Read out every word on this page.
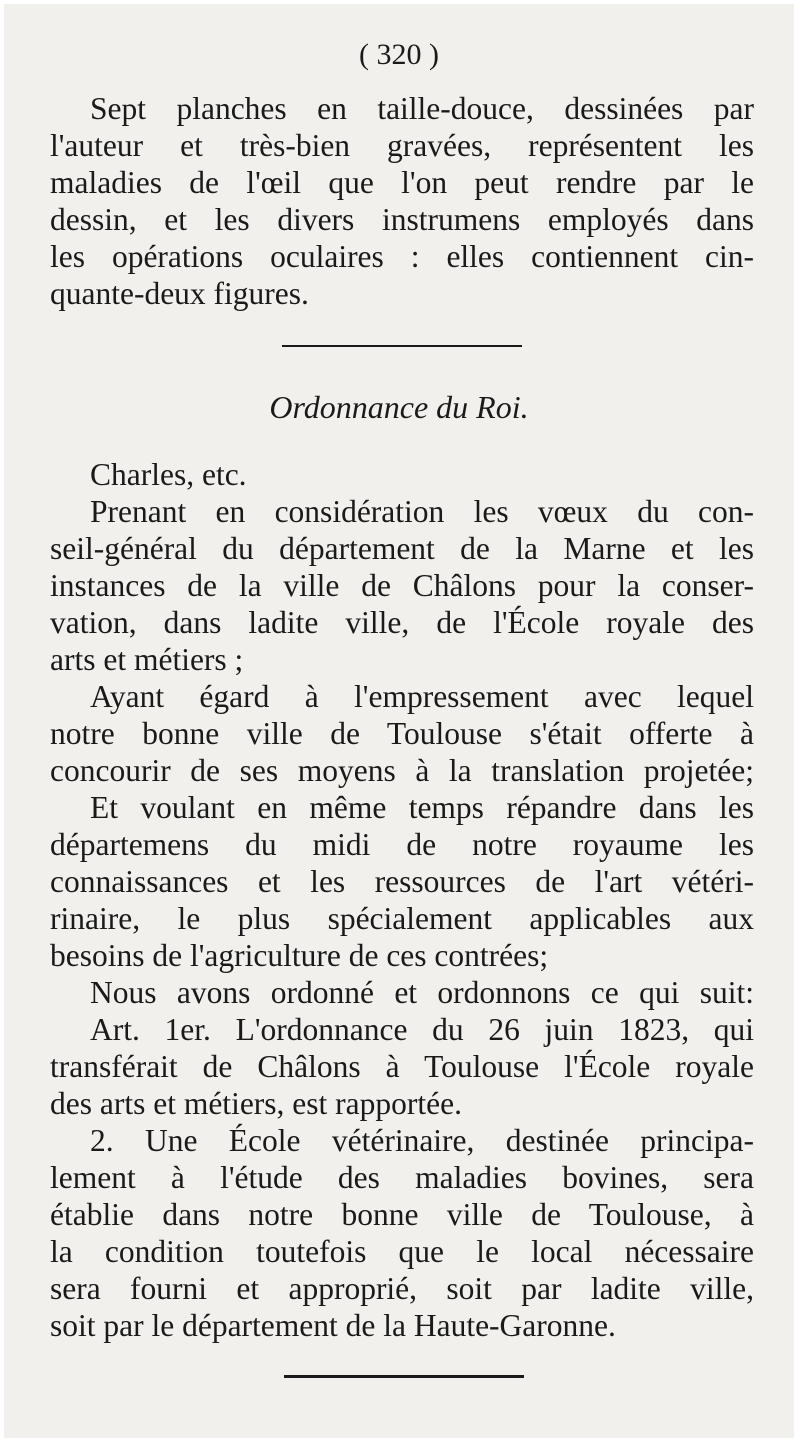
( 320 )
Sept planches en taille-douce, dessinées par
l'auteur et très-bien gravées, représentent les
maladies de l'œil que l'on peut rendre par le
dessin, et les divers instrumens employés dans
les opérations oculaires : elles contiennent cin-
quante-deux figures.
Ordonnance du Roi.
Charles, etc.
Prenant en considération les vœux du con-
seil-général du département de la Marne et les
instances de la ville de Châlons pour la conser-
vation, dans ladite ville, de l'École royale des
arts et métiers ;
Ayant égard à l'empressement avec lequel
notre bonne ville de Toulouse s'était offerte à
concourir de ses moyens à la translation projetée;
Et voulant en même temps répandre dans les
départemens du midi de notre royaume les
connaissances et les ressources de l'art vétéri-
rinaire, le plus spécialement applicables aux
besoins de l'agriculture de ces contrées;
Nous avons ordonné et ordonnons ce qui suit:
Art. 1er. L'ordonnance du 26 juin 1823, qui
transférait de Châlons à Toulouse l'École royale
des arts et métiers, est rapportée.
2. Une École vétérinaire, destinée principa-
lement à l'étude des maladies bovines, sera
établie dans notre bonne ville de Toulouse, à
la condition toutefois que le local nécessaire
sera fourni et approprié, soit par ladite ville,
soit par le département de la Haute-Garonne.
